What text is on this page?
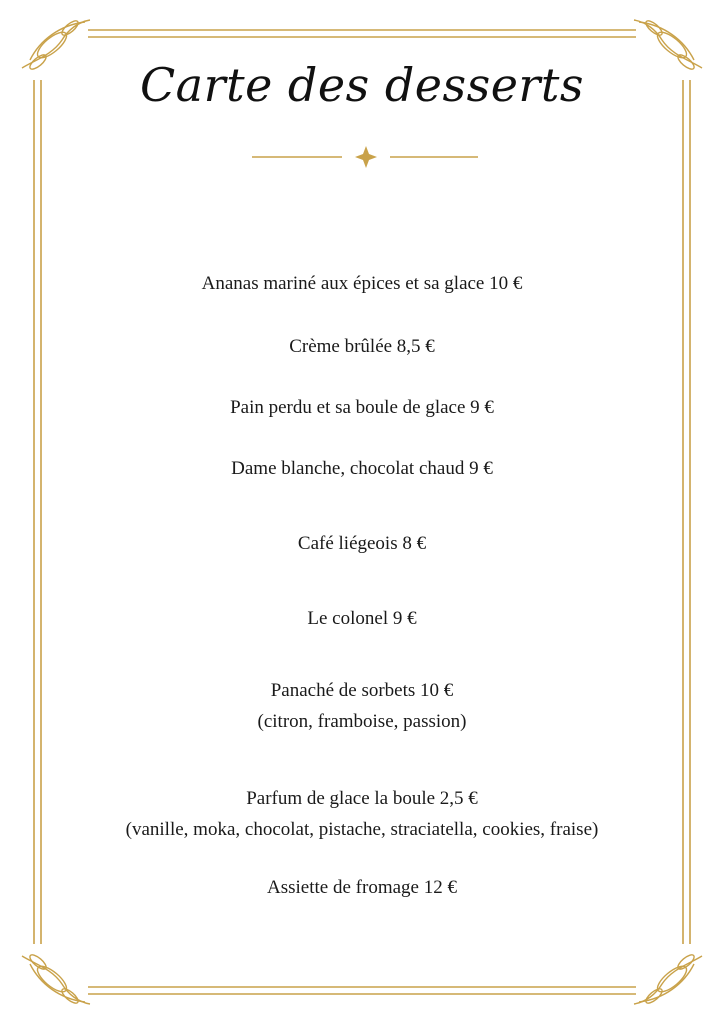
Carte des desserts
Ananas mariné aux épices et sa glace 10 €
Crème brûlée 8,5 €
Pain perdu et sa boule de glace 9 €
Dame blanche, chocolat chaud 9 €
Café liégeois 8 €
Le colonel 9 €
Panaché de sorbets 10 €
(citron, framboise, passion)
Parfum de glace la boule 2,5 €
(vanille, moka, chocolat, pistache, straciatella, cookies, fraise)
Assiette de fromage 12 €
